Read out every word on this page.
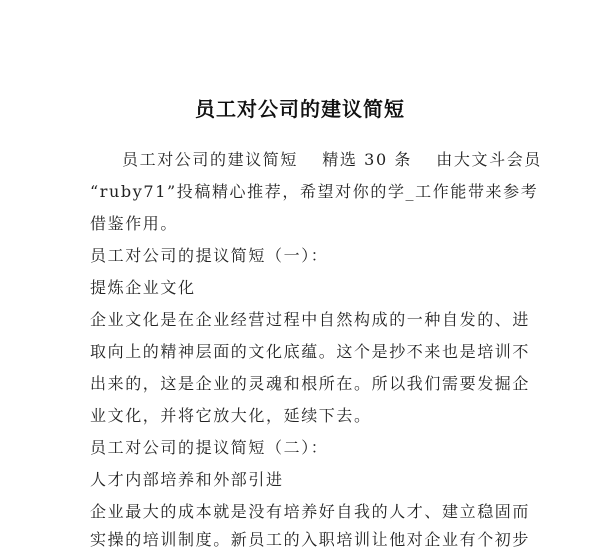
员工对公司的建议简短
员工对公司的建议简短　 精选 30 条　 由大文斗会员
“ruby71”投稿精心推荐，希望对你的学_工作能带来参考
借鉴作用。
员工对公司的提议简短（一）：
提炼企业文化
企业文化是在企业经营过程中自然构成的一种自发的、进
取向上的精神层面的文化底蕴。这个是抄不来也是培训不
出来的，这是企业的灵魂和根所在。所以我们需要发掘企
业文化，并将它放大化，延续下去。
员工对公司的提议简短（二）：
人才内部培养和外部引进
企业最大的成本就是没有培养好自我的人才、建立稳固而
实操的培训制度。新员工的入职培训让他对企业有个初步
